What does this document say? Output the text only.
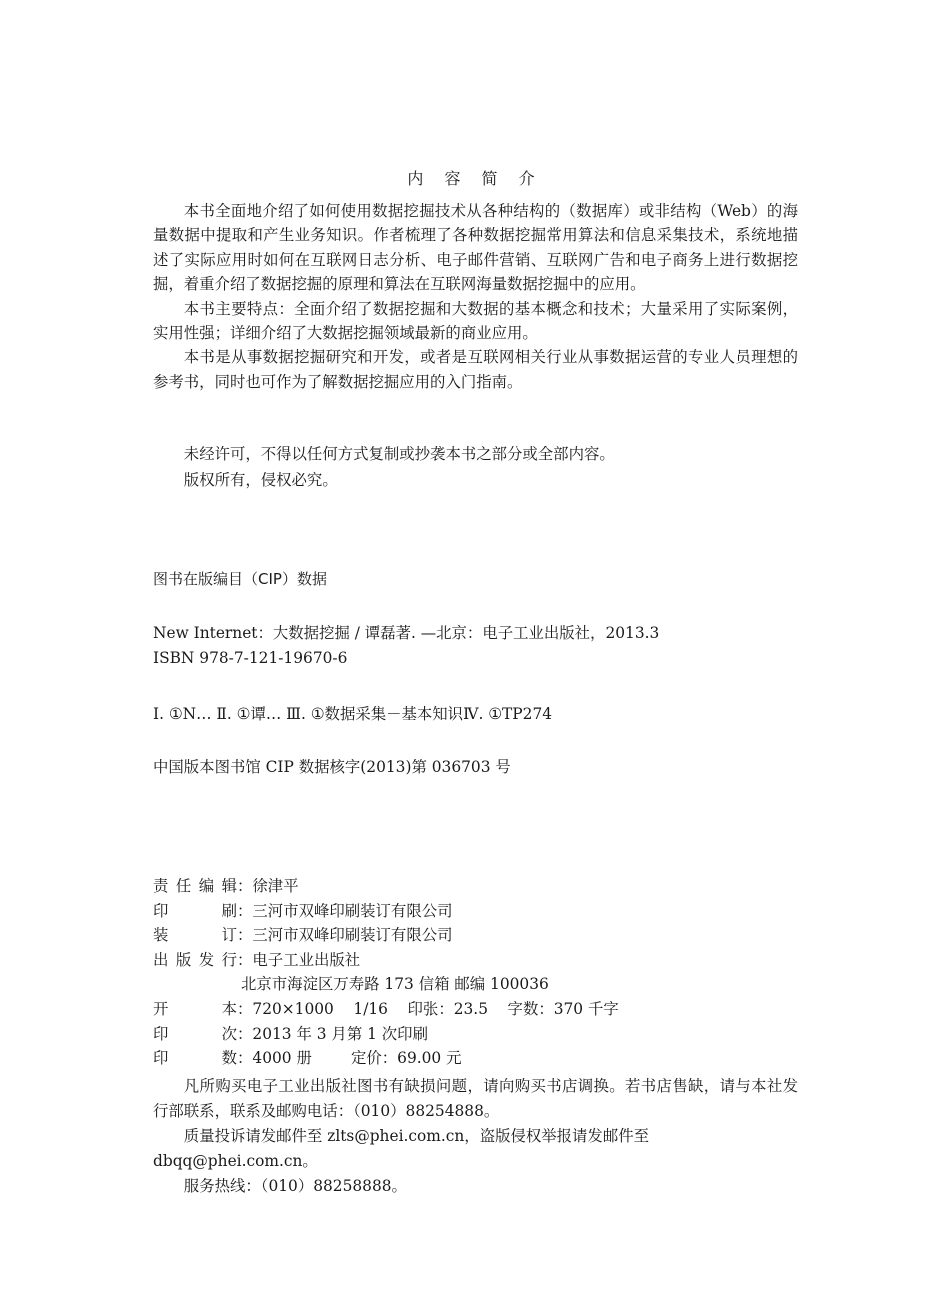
内 容 简 介

本书全面地介绍了如何使用数据挖掘技术从各种结构的（数据库）或非结构（Web）的海量数据中提取和产生业务知识。作者梳理了各种数据挖掘常用算法和信息采集技术，系统地描述了实际应用时如何在互联网日志分析、电子邮件营销、互联网广告和电子商务上进行数据挖掘，着重介绍了数据挖掘的原理和算法在互联网海量数据挖掘中的应用。

本书主要特点：全面介绍了数据挖掘和大数据的基本概念和技术；大量采用了实际案例，实用性强；详细介绍了大数据挖掘领域最新的商业应用。

本书是从事数据挖掘研究和开发，或者是互联网相关行业从事数据运营的专业人员理想的参考书，同时也可作为了解数据挖掘应用的入门指南。

未经许可，不得以任何方式复制或抄袭本书之部分或全部内容。
版权所有，侵权必究。
图书在版编目（CIP）数据
New Internet：大数据挖掘 / 谭磊著. —北京：电子工业出版社，2013.3
ISBN 978-7-121-19670-6
Ⅰ. ①N… Ⅱ. ①谭… Ⅲ. ①数据采集－基本知识Ⅳ. ①TP274
中国版本图书馆 CIP 数据核字(2013)第 036703 号
责任编辑 ： 徐津平
印刷 ： 三河市双峰印刷装订有限公司
装订 ： 三河市双峰印刷装订有限公司
出版发行 ： 电子工业出版社
北京市海淀区万寿路 173 信箱 邮编 100036
开本 ： 720×1000    1/16    印张：23.5    字数：370 千字
印次 ： 2013 年 3 月第 1 次印刷
印数 ： 4000 册        定价：69.00 元
凡所购买电子工业出版社图书有缺损问题，请向购买书店调换。若书店售缺，请与本社发行部联系，联系及邮购电话：（010）88254888。
质量投诉请发邮件至 zlts@phei.com.cn，盗版侵权举报请发邮件至 dbqq@phei.com.cn。
服务热线：（010）88258888。
